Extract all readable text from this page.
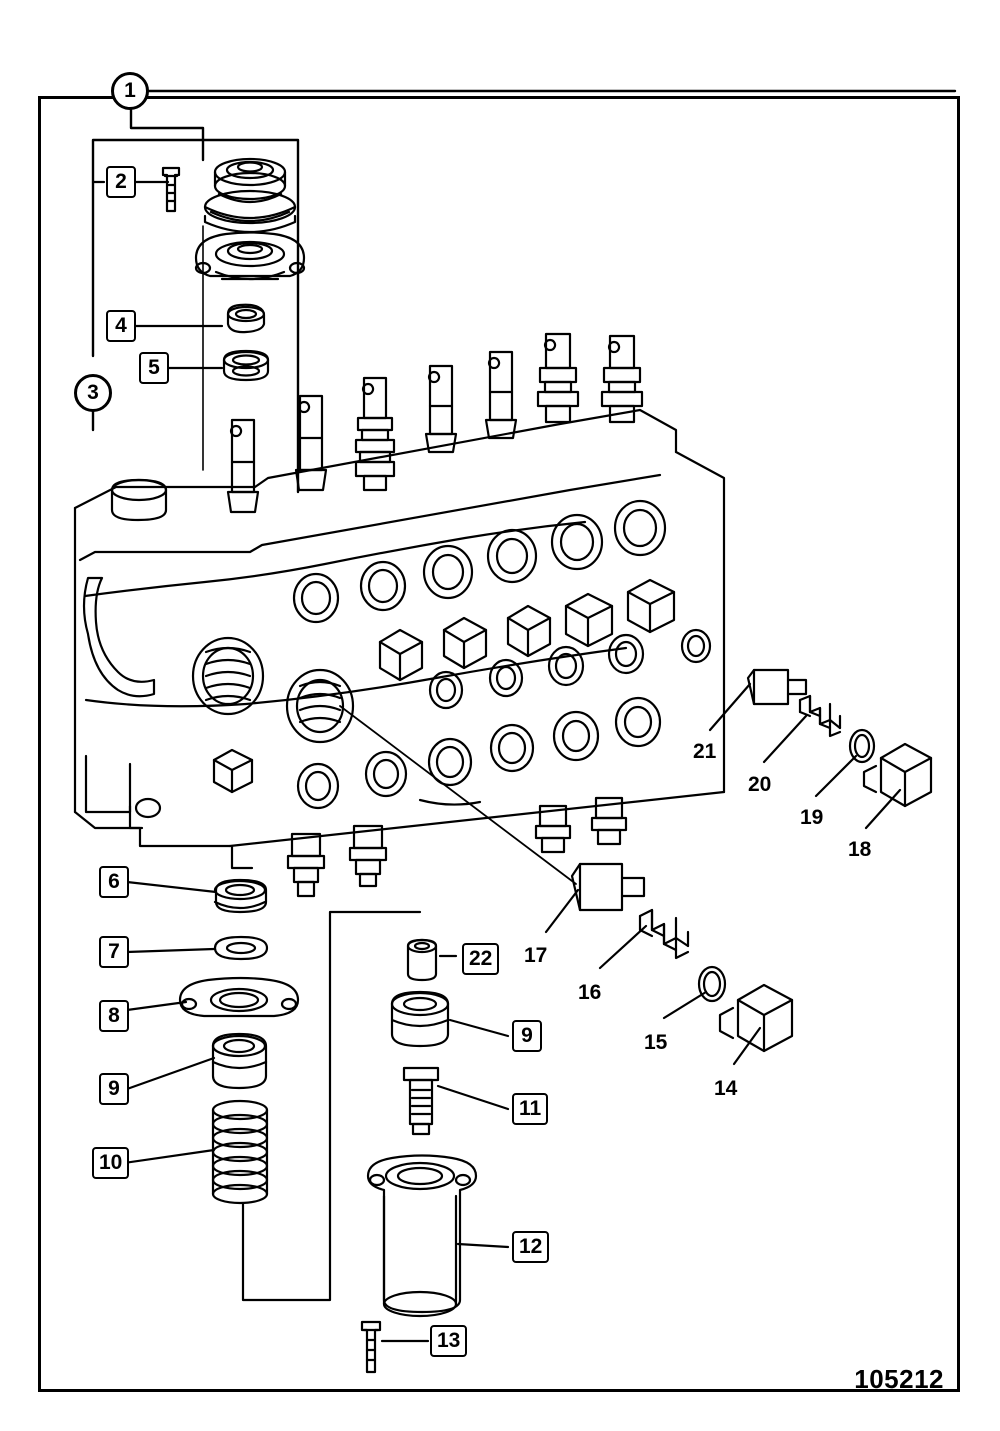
1
3
2
4
5
6
7
8
9
10
22
9
11
12
13
21
20
19
18
17
16
15
14
105212
